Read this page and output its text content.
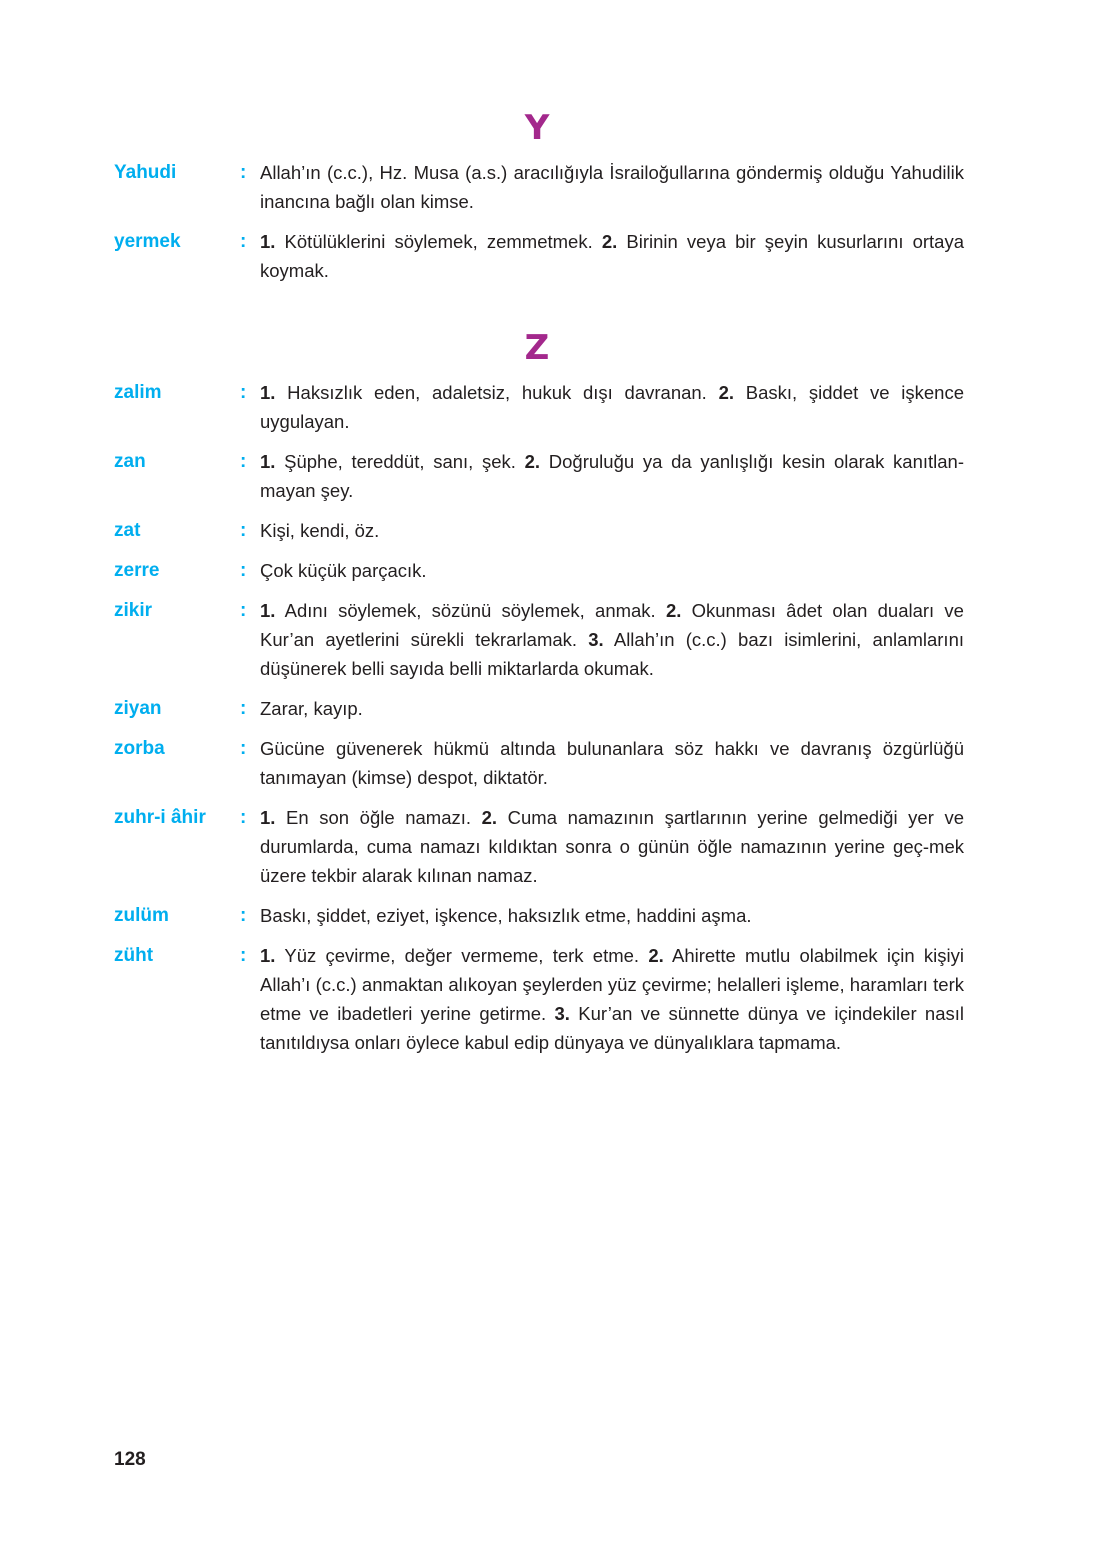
Y
Yahudi	: Allah’ın (c.c.), Hz. Musa (a.s.) aracılığıyla İsrailoğullarına göndermiş olduğu Yahudilik inancına bağlı olan kimse.
yermek	: 1. Kötülüklerini söylemek, zemmetmek. 2. Birinin veya bir şeyin kusurlarını ortaya koymak.
Z
zalim	: 1. Haksızlık eden, adaletsiz, hukuk dışı davranan. 2. Baskı, şiddet ve işkence uygulayan.
zan	: 1. Şüphe, tereddüt, sanı, şek. 2. Doğruluğu ya da yanlışlığı kesin olarak kanıtlan-mayan şey.
zat	: Kişi, kendi, öz.
zerre	: Çok küçük parçacık.
zikir	: 1. Adını söylemek, sözünü söylemek, anmak. 2. Okunması âdet olan duaları ve Kur’an ayetlerini sürekli tekrarlamak. 3. Allah’ın (c.c.) bazı isimlerini, anlamlarını düşünerek belli sayıda belli miktarlarda okumak.
ziyan	: Zarar, kayıp.
zorba	: Gücüne güvenerek hükmü altında bulunanlara söz hakkı ve davranış özgürlüğü tanımayan (kimse) despot, diktatör.
zuhr-i âhir	: 1. En son öğle namazı. 2. Cuma namazının şartlarının yerine gelmediği yer ve durumlarda, cuma namazı kıldıktan sonra o günün öğle namazının yerine geç-mek üzere tekbir alarak kılınan namaz.
zulüm	: Baskı, şiddet, eziyet, işkence, haksızlık etme, haddini aşma.
züht	: 1. Yüz çevirme, değer vermeme, terk etme. 2. Ahirette mutlu olabilmek için kişiyi Allah’ı (c.c.) anmaktan alıkoyan şeylerden yüz çevirme; helalleri işleme, haramları terk etme ve ibadetleri yerine getirme. 3. Kur’an ve sünnette dünya ve içindekiler nasıl tanıtıldıysa onları öylece kabul edip dünyaya ve dünyalıklara tapmama.
128
